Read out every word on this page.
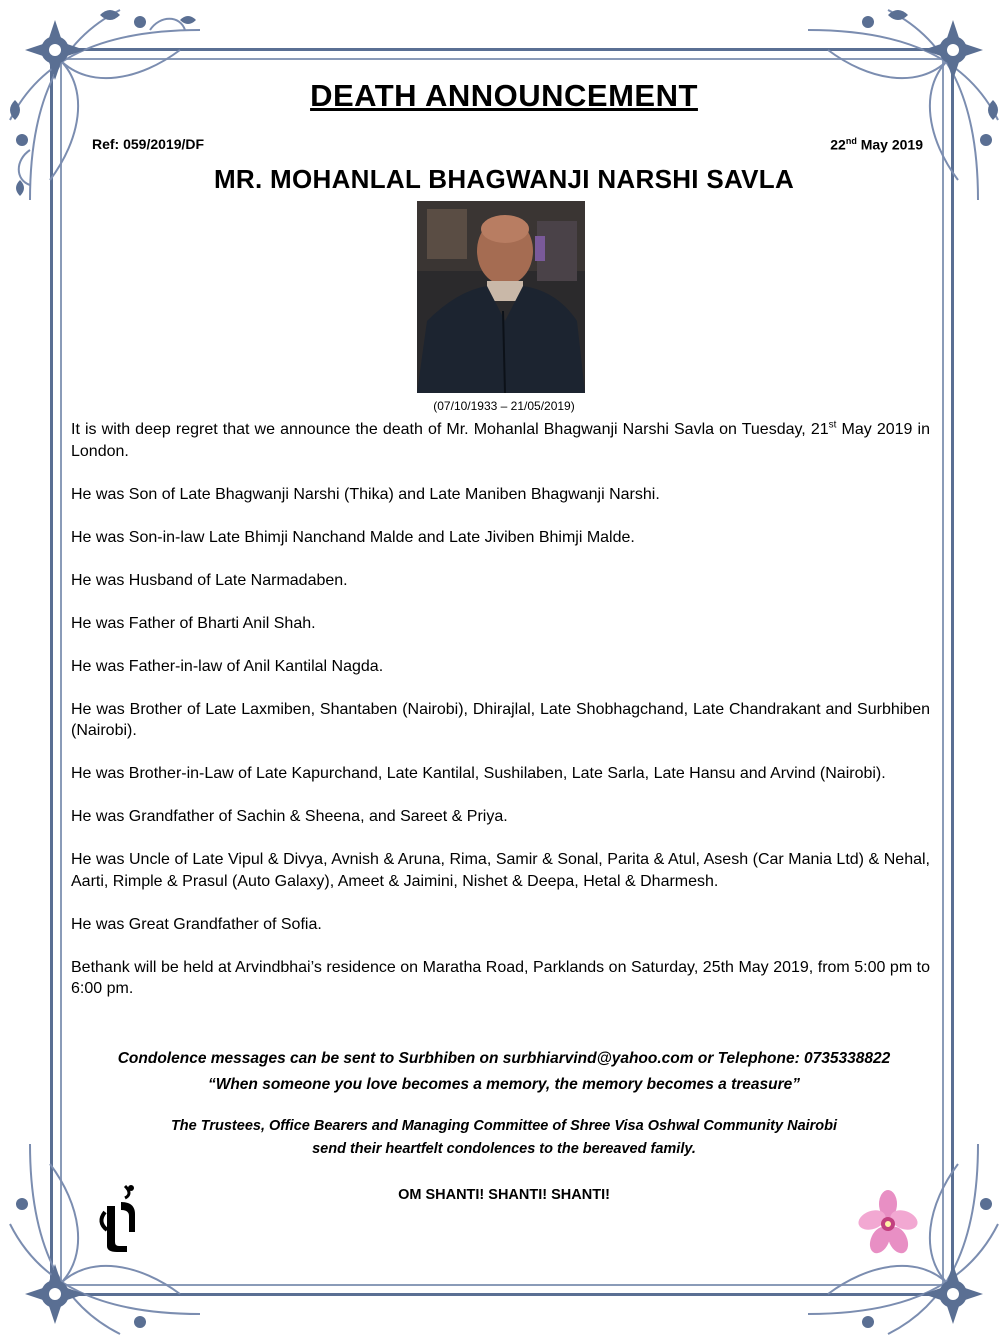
DEATH ANNOUNCEMENT
Ref: 059/2019/DF	22nd May 2019
MR. MOHANLAL BHAGWANJI NARSHI SAVLA
(07/10/1933 – 21/05/2019)

It is with deep regret that we announce the death of Mr. Mohanlal Bhagwanji Narshi Savla on Tuesday, 21st May 2019 in London.

He was Son of Late Bhagwanji Narshi (Thika) and Late Maniben Bhagwanji Narshi.

He was Son-in-law Late Bhimji Nanchand Malde and Late Jiviben Bhimji Malde.

He was Husband of Late Narmadaben.

He was Father of Bharti Anil Shah.

He was Father-in-law of Anil Kantilal Nagda.

He was Brother of Late Laxmiben, Shantaben (Nairobi), Dhirajlal, Late Shobhagchand, Late Chandrakant and Surbhiben (Nairobi).

He was Brother-in-Law of Late Kapurchand, Late Kantilal, Sushilaben, Late Sarla, Late Hansu and Arvind (Nairobi).

He was Grandfather of Sachin & Sheena, and Sareet & Priya.

He was Uncle of Late Vipul & Divya, Avnish & Aruna, Rima, Samir & Sonal, Parita & Atul, Asesh (Car Mania Ltd) & Nehal, Aarti, Rimple & Prasul (Auto Galaxy), Ameet & Jaimini, Nishet & Deepa, Hetal & Dharmesh.

He was Great Grandfather of Sofia.

Bethank will be held at Arvindbhai’s residence on Maratha Road, Parklands on Saturday, 25th May 2019, from 5:00 pm to 6:00 pm.

Condolence messages can be sent to Surbhiben on surbhiarvind@yahoo.com or Telephone: 0735338822
“When someone you love becomes a memory, the memory becomes a treasure”
The Trustees, Office Bearers and Managing Committee of Shree Visa Oshwal Community Nairobi
send their heartfelt condolences to the bereaved family.
OM SHANTI! SHANTI! SHANTI!
